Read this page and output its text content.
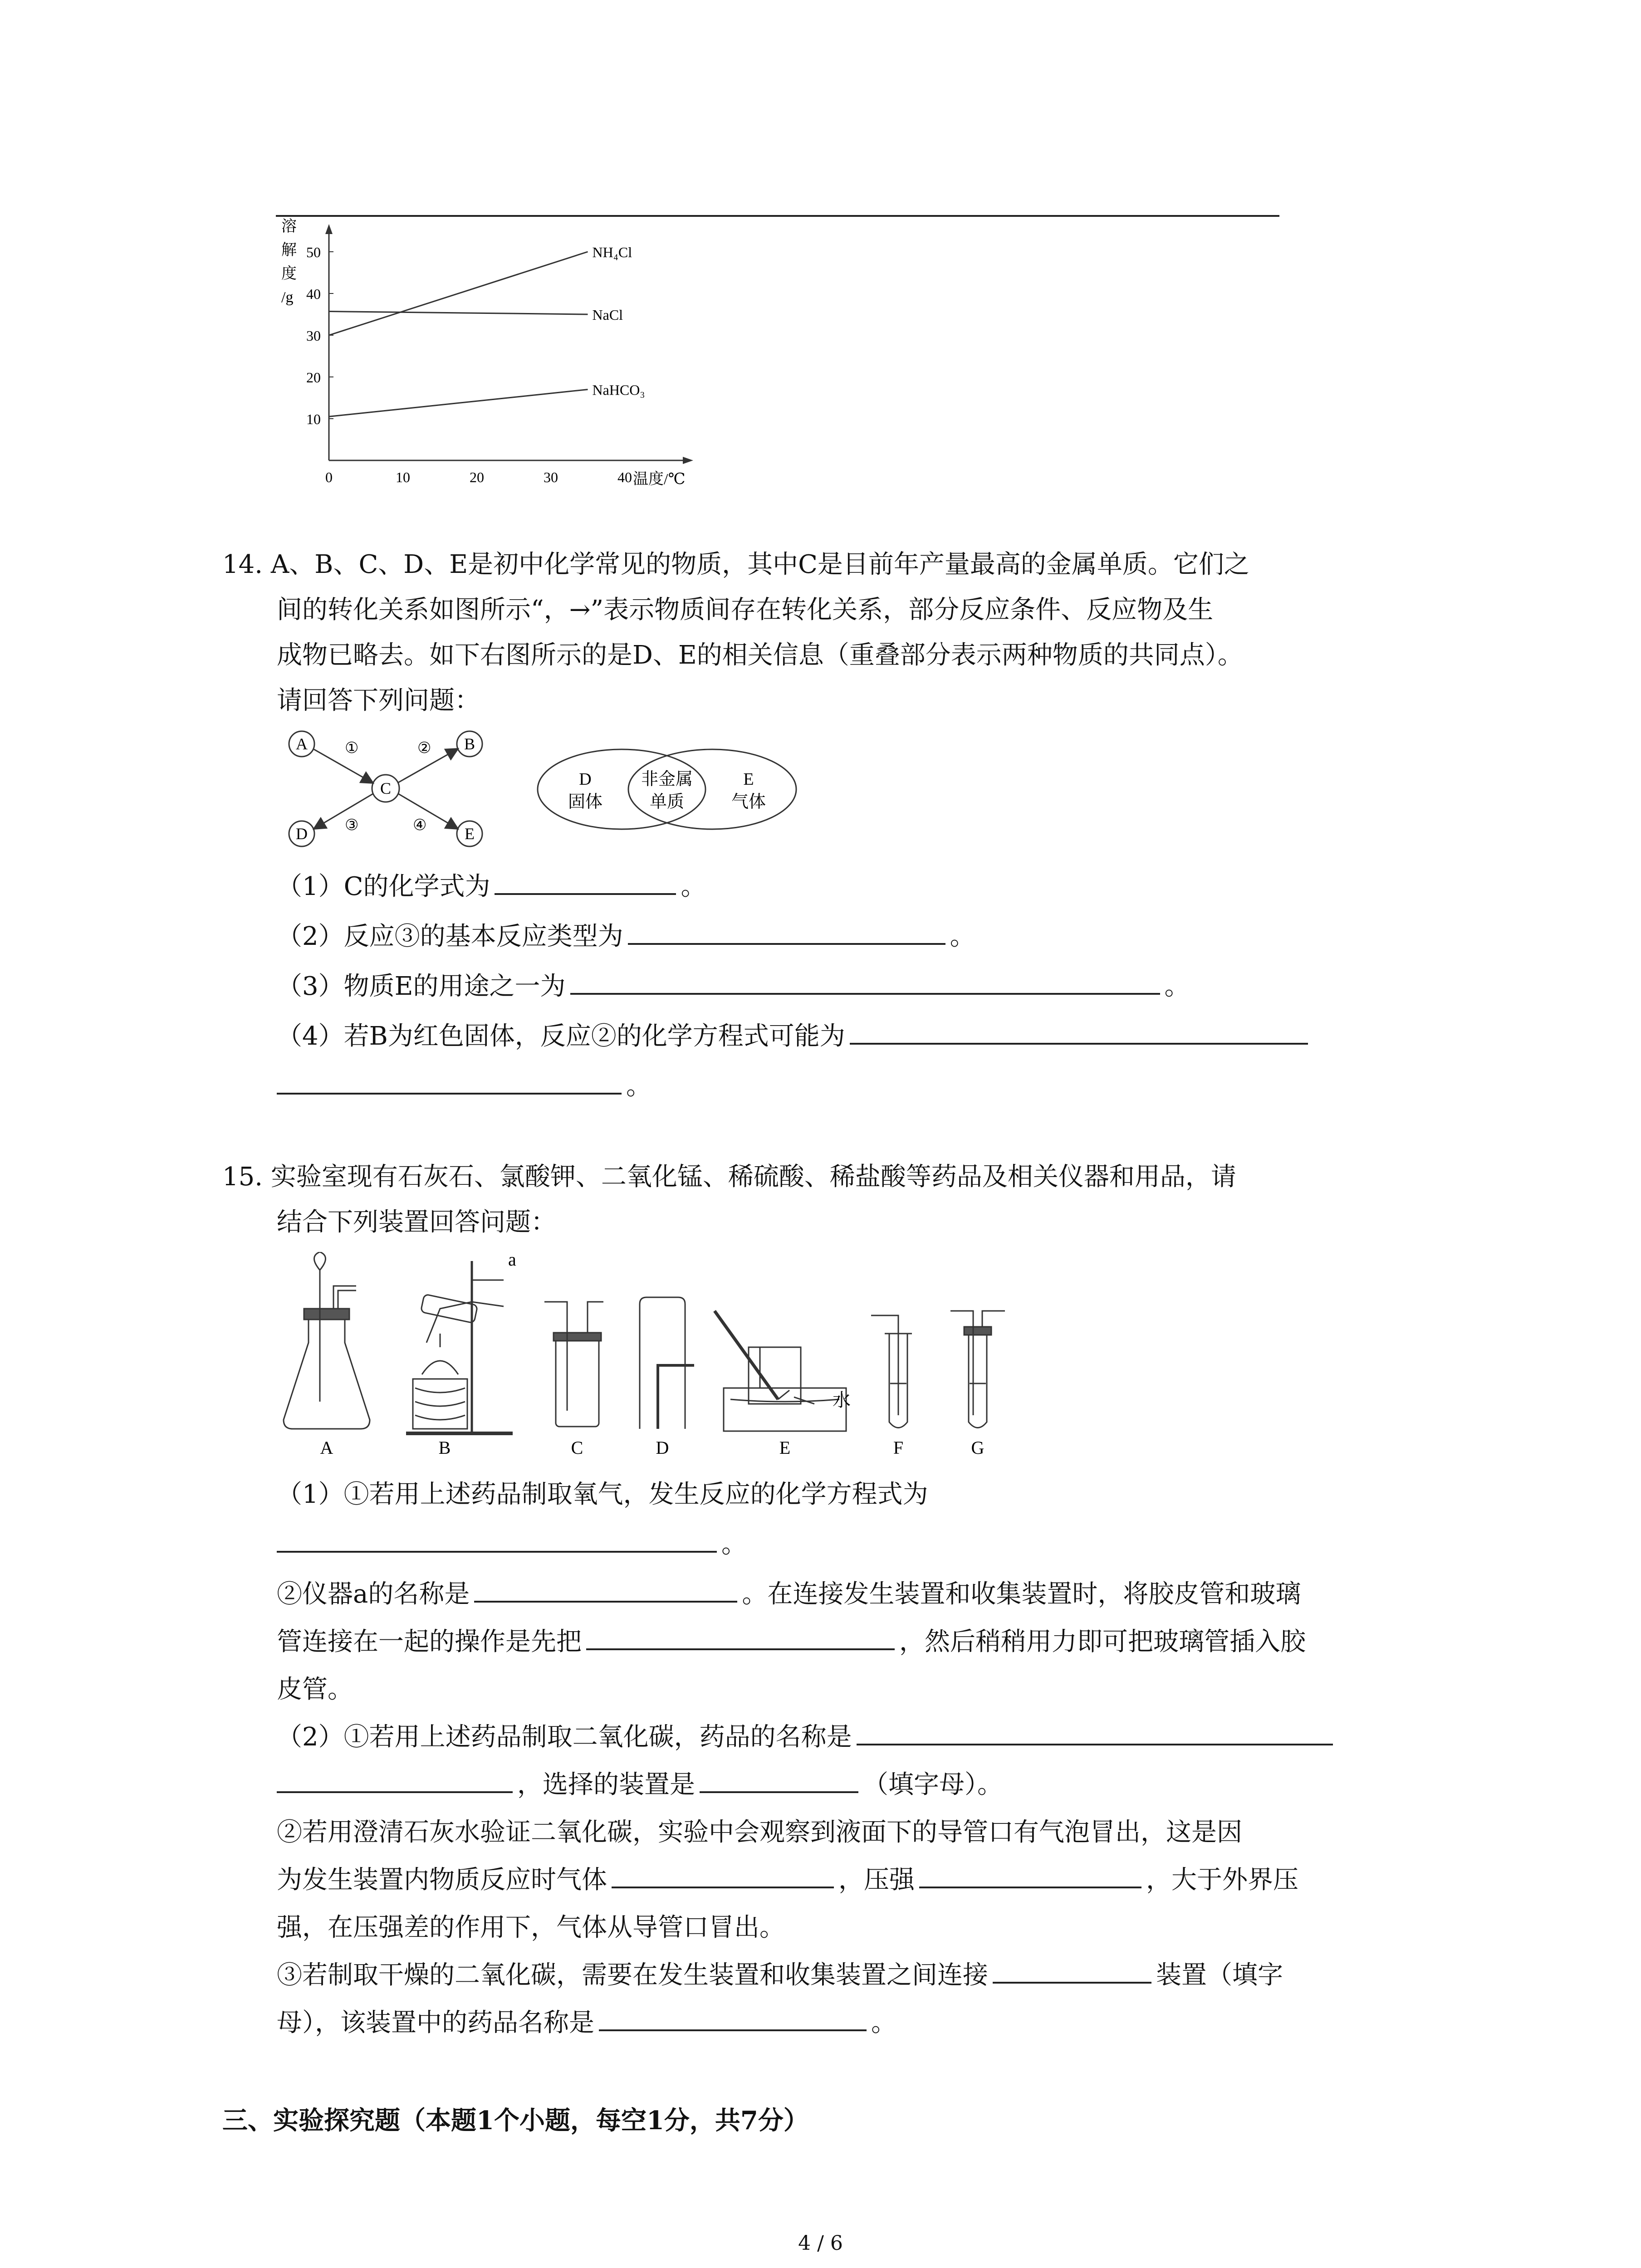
10
20
30
40
50
0	10	20	30	40
溶
解
度
/g
温度/℃
NH₄Cl
NaCl
NaHCO₃
14. A、B、C、D、E是初中化学常见的物质，其中C是目前年产量最高的金属单质。它们之
间的转化关系如图所示“，→”表示物质间存在转化关系，部分反应条件、反应物及生
成物已略去。如下右图所示的是D、E的相关信息（重叠部分表示两种物质的共同点）。
请回答下列问题：
A	B
C
D	E
①	②
③	④
D
固体
非金属
单质
E
气体
（1）C的化学式为	。
（2）反应③的基本反应类型为	。
（3）物质E的用途之一为	。
（4）若B为红色固体，反应②的化学方程式可能为
。
15. 实验室现有石灰石、氯酸钾、二氧化锰、稀硫酸、稀盐酸等药品及相关仪器和用品，请
结合下列装置回答问题：
a
水
A	B	C	D	E	F	G
（1）①若用上述药品制取氧气，发生反应的化学方程式为
。
②仪器a的名称是	。在连接发生装置和收集装置时，将胶皮管和玻璃
管连接在一起的操作是先把	，然后稍稍用力即可把玻璃管插入胶
皮管。
（2）①若用上述药品制取二氧化碳，药品的名称是
，选择的装置是	（填字母）。
②若用澄清石灰水验证二氧化碳，实验中会观察到液面下的导管口有气泡冒出，这是因
为发生装置内物质反应时气体	，压强	，大于外界压
强，在压强差的作用下，气体从导管口冒出。
③若制取干燥的二氧化碳，需要在发生装置和收集装置之间连接	装置（填字
母），该装置中的药品名称是	。
三、实验探究题（本题1个小题，每空1分，共7分）
4 / 6
